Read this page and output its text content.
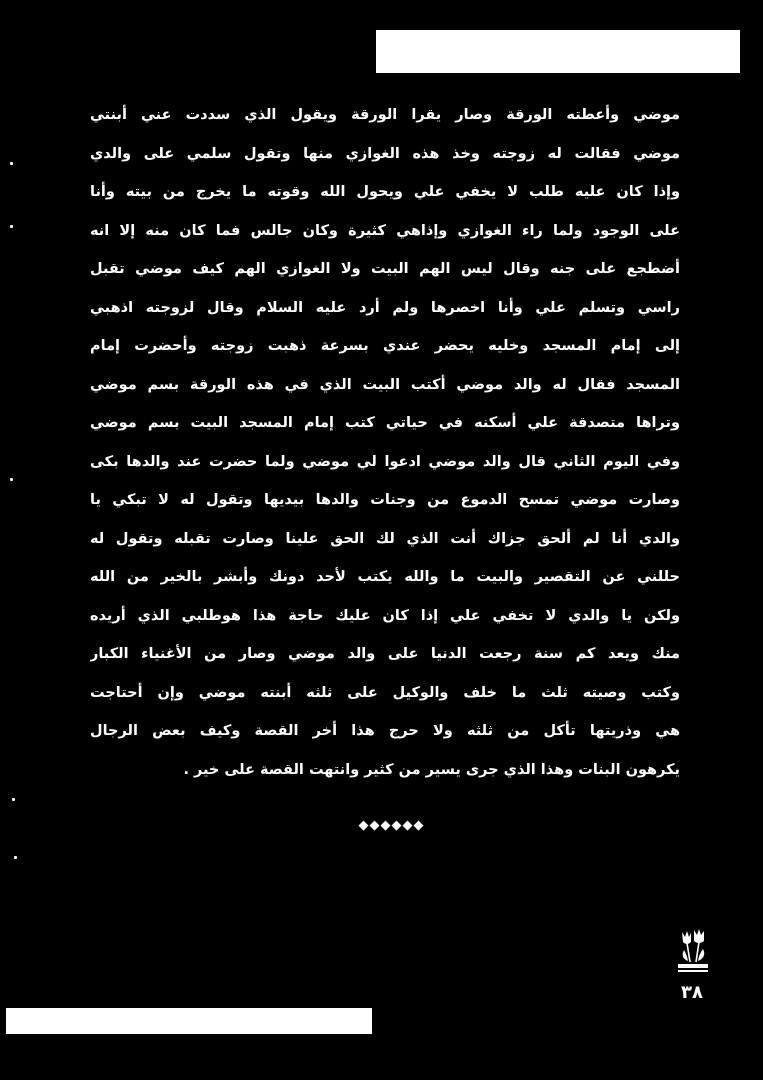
موضي وأعطته الورقة وصار يقرا الورقة ويقول الذي سددت عني أبنتي
موضي فقالت له زوجته وخذ هذه الغوازي منها وتقول سلمي على والدي
وإذا كان عليه طلب لا يخفي علي ويحول الله وقوته ما يخرج من بيته وأنا
على الوجود ولما راء الغوازي وإذاهي كثيرة وكان جالس فما كان منه إلا انه
أضطجع على جنه وقال ليس الهم البيت ولا الغوازي الهم كيف موضي تقبل
راسي وتسلم علي وأنا اخصرها ولم أرد عليه السلام وقال لزوجته اذهبي
إلى إمام المسجد وخليه يحضر عندي بسرعة ذهبت زوجته وأحضرت إمام
المسجد فقال له والد موضي أكتب البيت الذي في هذه الورقة بسم موضي
وتراها متصدقة علي أسكنه في حياتي كتب إمام المسجد البيت بسم موضي
وفي اليوم الثاني قال والد موضي ادعوا لي موضي ولما حضرت عند والدها بكى
وصارت موضي تمسح الدموع من وجنات والدها بيديها وتقول له لا تبكي يا
والدي أنا لم ألحق جزاك أنت الذي لك الحق علينا وصارت تقبله وتقول له
حللني عن التقصير والبيت ما والله يكتب لأحد دونك وأبشر بالخير من الله
ولكن يا والدي لا تخفي علي إذا كان عليك حاجة هذا هوطلبي الذي أريده
منك ويعد كم سنة رجعت الدنيا على والد موضي وصار من الأغنياء الكبار
وكتب وصيته ثلث ما خلف والوكيل على ثلثه أبنته موضي وإن أحتاجت
هي وذريتها تأكل من ثلثه ولا حرج هذا أخر القصة وكيف بعض الرجال
يكرهون البنات وهذا الذي جرى يسير من كثير وانتهت القصة على خير .
◆◆◆◆◆◆
٣٨
